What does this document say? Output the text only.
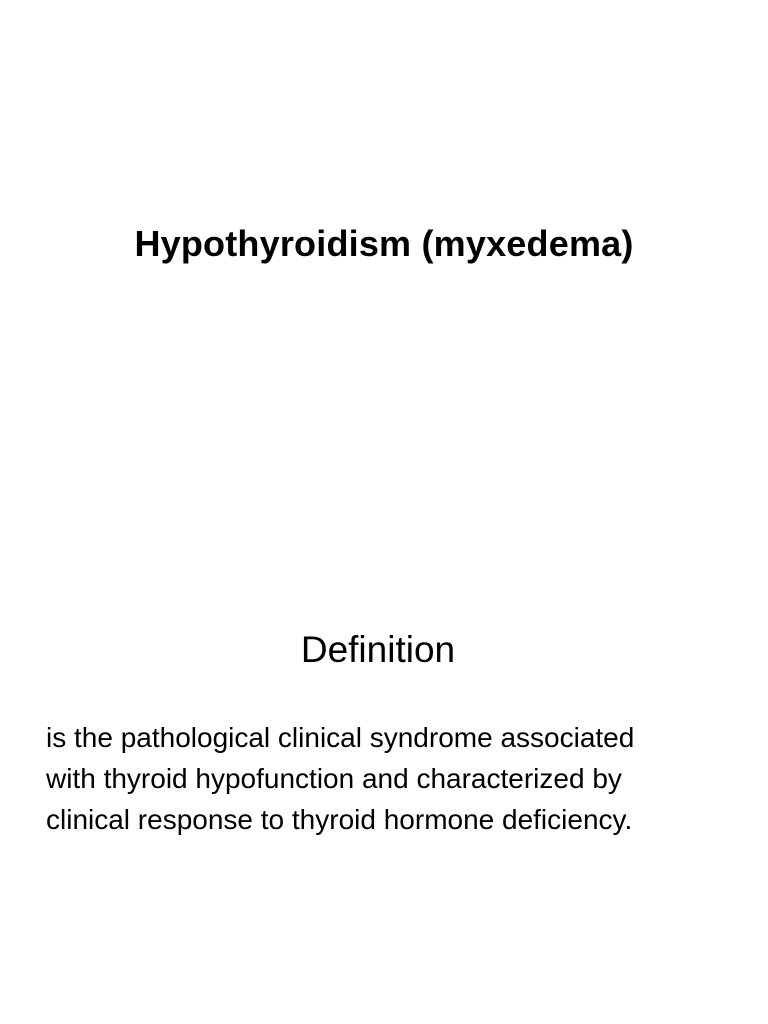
Hypothyroidism (myxedema)
Definition

is the pathological clinical syndrome associated
with thyroid hypofunction and characterized by
clinical response to thyroid hormone deficiency.
